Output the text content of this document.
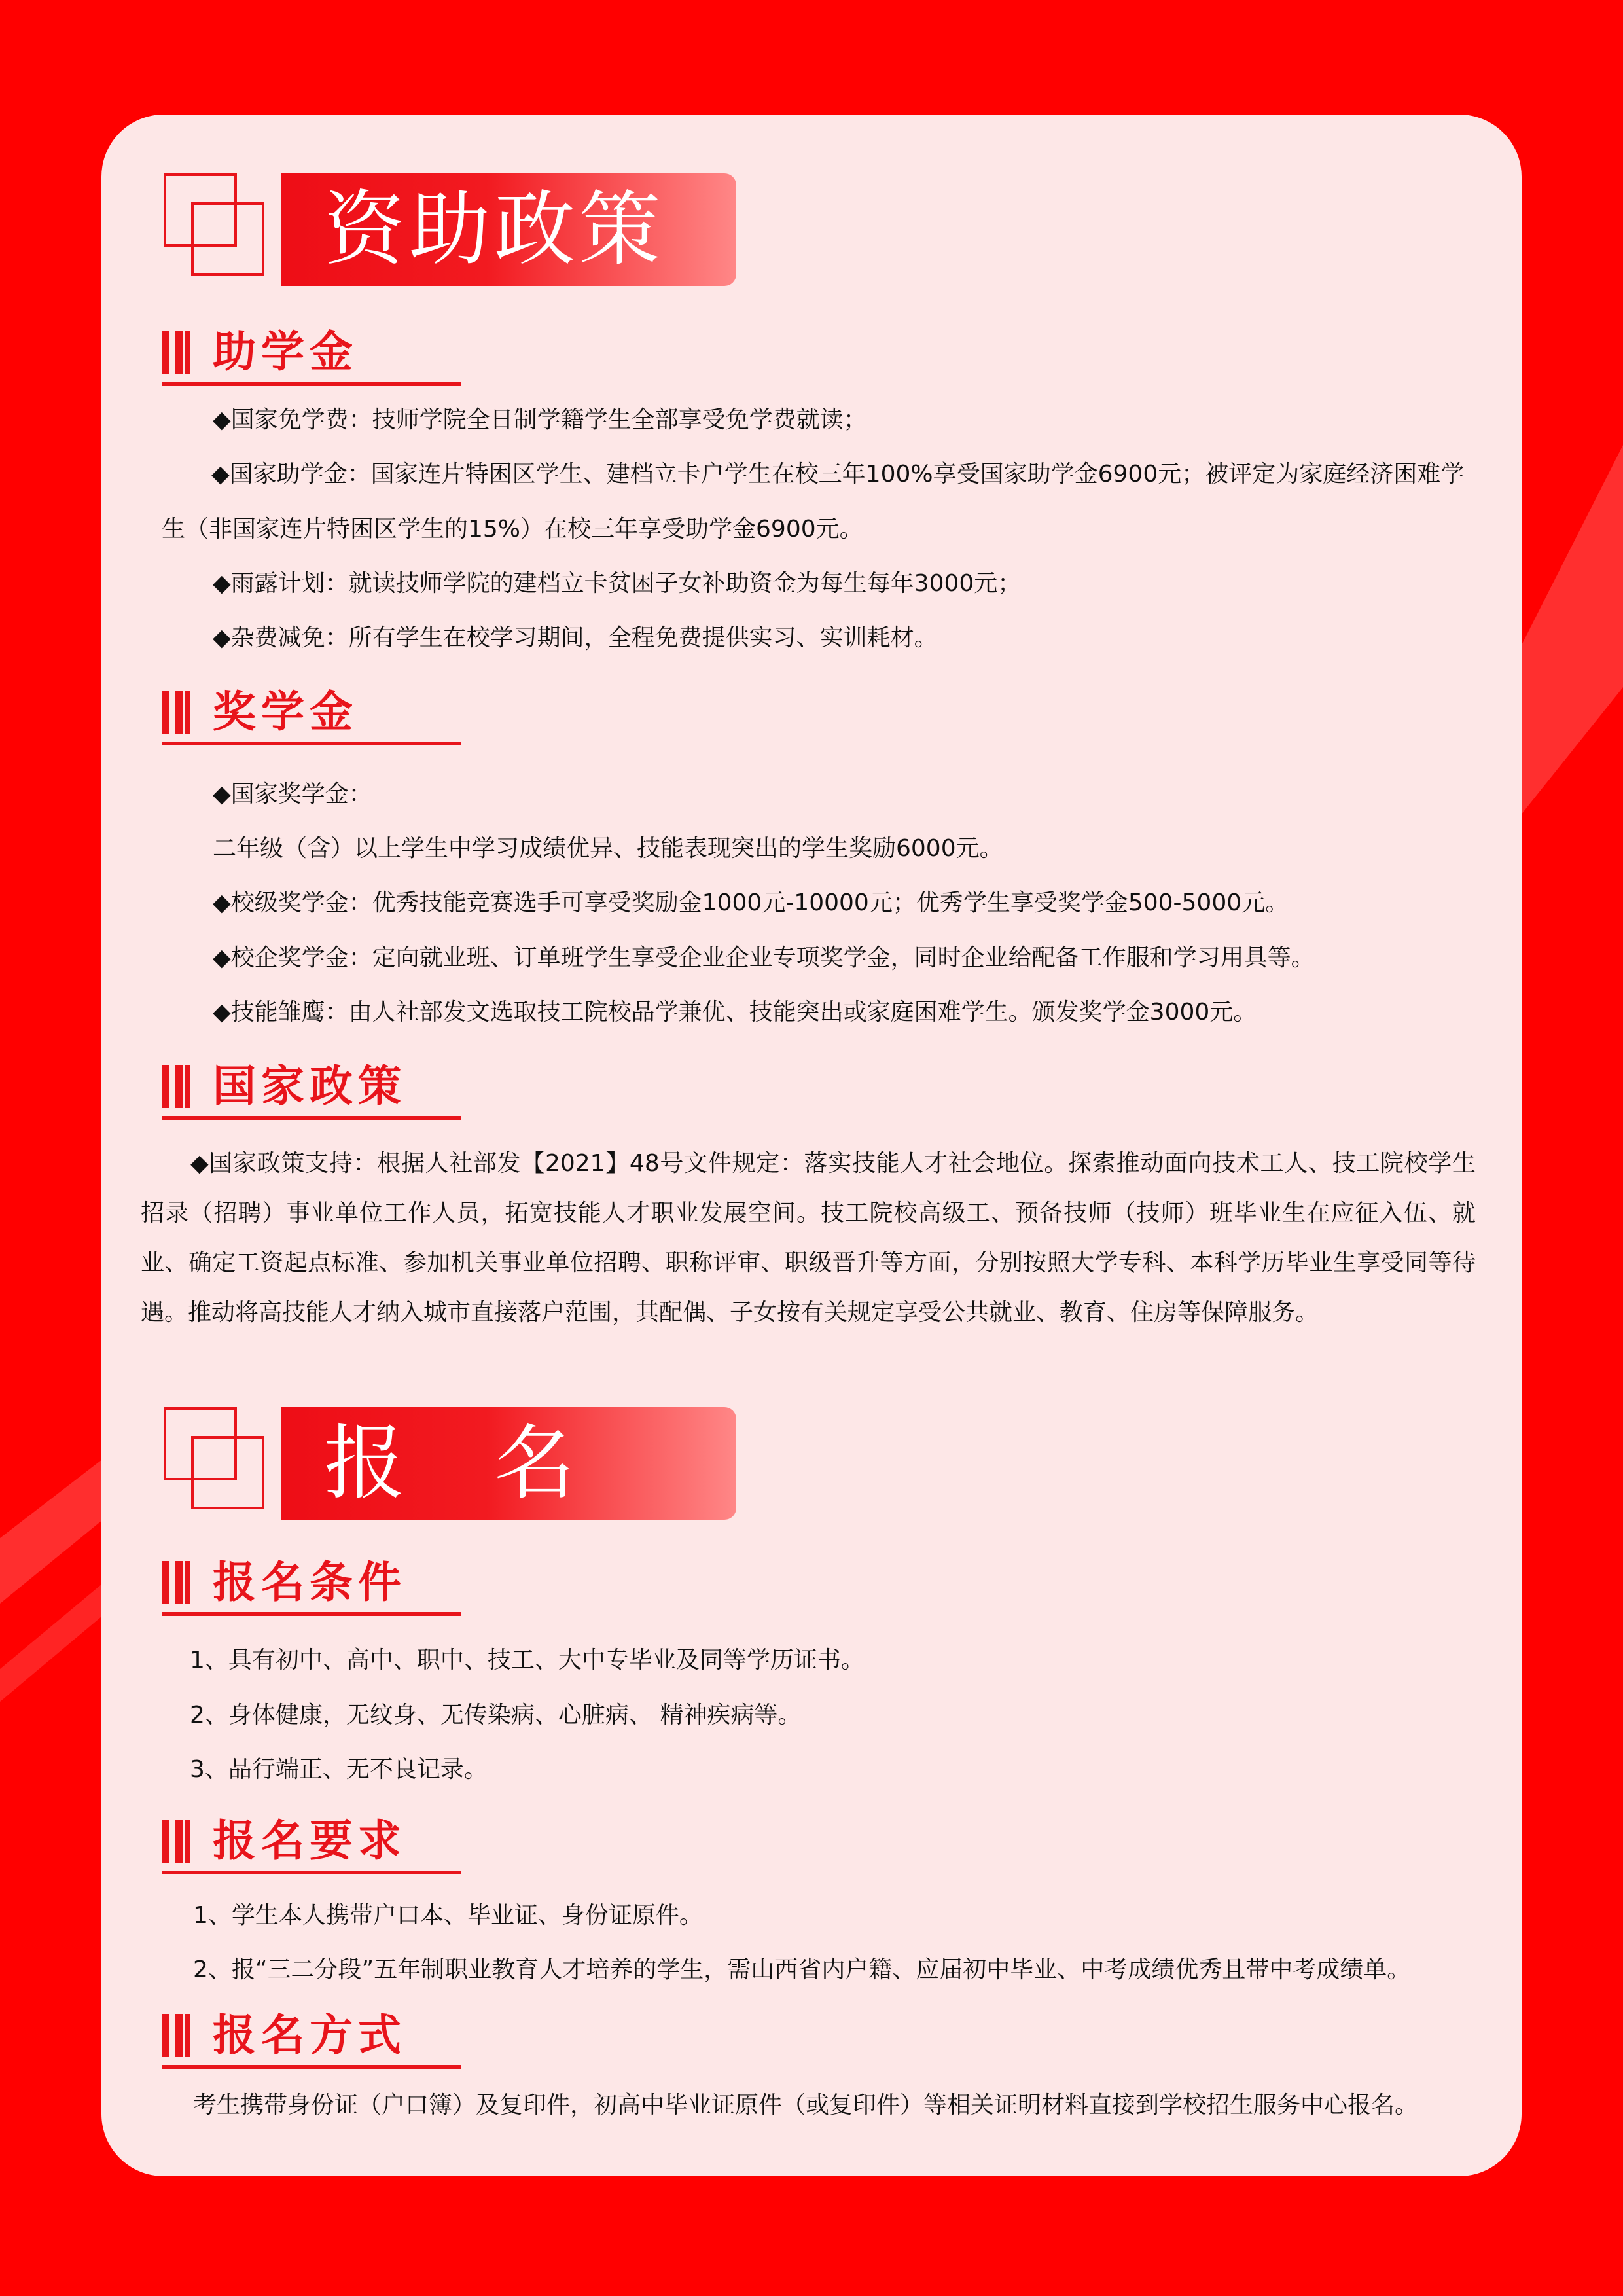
资助政策
助学金
◆国家免学费：技师学院全日制学籍学生全部享受免学费就读；
◆国家助学金：国家连片特困区学生、建档立卡户学生在校三年100%享受国家助学金6900元；被评定为家庭经济困难学生（非国家连片特困区学生的15%）在校三年享受助学金6900元。
◆雨露计划：就读技师学院的建档立卡贫困子女补助资金为每生每年3000元；
◆杂费减免：所有学生在校学习期间，全程免费提供实习、实训耗材。
奖学金
◆国家奖学金：
二年级（含）以上学生中学习成绩优异、技能表现突出的学生奖励6000元。
◆校级奖学金：优秀技能竞赛选手可享受奖励金1000元-10000元；优秀学生享受奖学金500-5000元。
◆校企奖学金：定向就业班、订单班学生享受企业企业专项奖学金，同时企业给配备工作服和学习用具等。
◆技能雏鹰：由人社部发文选取技工院校品学兼优、技能突出或家庭困难学生。颁发奖学金3000元。
国家政策
◆国家政策支持：根据人社部发【2021】48号文件规定：落实技能人才社会地位。探索推动面向技术工人、技工院校学生招录（招聘）事业单位工作人员，拓宽技能人才职业发展空间。技工院校高级工、预备技师（技师）班毕业生在应征入伍、就业、确定工资起点标准、参加机关事业单位招聘、职称评审、职级晋升等方面，分别按照大学专科、本科学历毕业生享受同等待遇。推动将高技能人才纳入城市直接落户范围，其配偶、子女按有关规定享受公共就业、教育、住房等保障服务。
报　名
报名条件
1、具有初中、高中、职中、技工、大中专毕业及同等学历证书。
2、身体健康，无纹身、无传染病、心脏病、 精神疾病等。
3、品行端正、无不良记录。
报名要求
1、学生本人携带户口本、毕业证、身份证原件。
2、报“三二分段”五年制职业教育人才培养的学生，需山西省内户籍、应届初中毕业、中考成绩优秀且带中考成绩单。
报名方式
考生携带身份证（户口簿）及复印件，初高中毕业证原件（或复印件）等相关证明材料直接到学校招生服务中心报名。
